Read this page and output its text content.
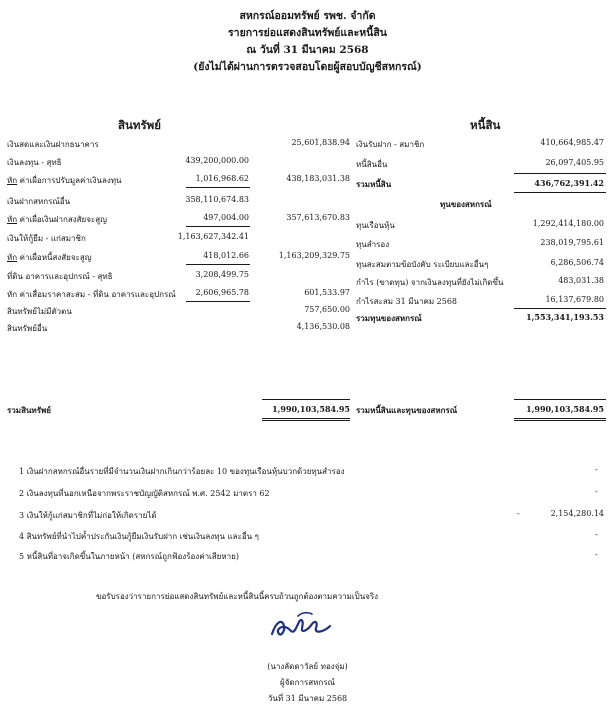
สหกรณ์ออมทรัพย์ รพช. จำกัด
รายการย่อแสดงสินทรัพย์และหนี้สิน
ณ วันที่ 31 มีนาคม 2568
(ยังไม่ได้ผ่านการตรวจสอบโดยผู้สอบบัญชีสหกรณ์)
สินทรัพย์	หนี้สิน
เงินสดและเงินฝากธนาคาร	25,601,838.94
เงินลงทุน - สุทธิ	439,200,000.00
หัก ค่าเผื่อการปรับมูลค่าเงินลงทุน	1,016,968.62	438,183,031.38
เงินฝากสหกรณ์อื่น	358,110,674.83
หัก ค่าเผื่อเงินฝากสงสัยจะสูญ	497,004.00	357,613,670.83
เงินให้กู้ยืม - แก่สมาชิก	1,163,627,342.41
หัก ค่าเผื่อหนี้สงสัยจะสูญ	418,012.66	1,163,209,329.75
ที่ดิน อาคารและอุปกรณ์ - สุทธิ	3,208,499.75
หัก ค่าเสื่อมราคาสะสม - ที่ดิน อาคารและอุปกรณ์ 2,606,965.78	601,533.97
สินทรัพย์ไม่มีตัวตน	757,650.00
สินทรัพย์อื่น	4,136,530.08
เงินรับฝาก - สมาชิก	410,664,985.47
หนี้สินอื่น	26,097,405.95
รวมหนี้สิน	436,762,391.42
ทุนของสหกรณ์
ทุนเรือนหุ้น	1,292,414,180.00
ทุนสำรอง	238,019,795.61
ทุนสะสมตามข้อบังคับ ระเบียบและอื่นๆ	6,286,506.74
กำไร (ขาดทุน) จากเงินลงทุนที่ยังไม่เกิดขึ้น	483,031.38
กำไรสะสม 31 มีนาคม 2568	16,137,679.80
รวมทุนของสหกรณ์	1,553,341,193.53
รวมสินทรัพย์	1,990,103,584.95 รวมหนี้สินและทุนของสหกรณ์	1,990,103,584.95
1 เงินฝากสหกรณ์อื่นรายที่มีจำนวนเงินฝากเกินกว่าร้อยละ 10 ของทุนเรือนหุ้นบวกด้วยทุนสำรอง	-
2 เงินลงทุนที่นอกเหนือจากพระราชบัญญัติสหกรณ์ พ.ศ. 2542 มาตรา 62	-
3 เงินให้กู้แก่สมาชิกที่ไม่ก่อให้เกิดรายได้	-	2,154,280.14
4 สินทรัพย์ที่นำไปค้ำประกันเงินกู้ยืมเงินรับฝาก เช่นเงินลงทุน และอื่น ๆ	-
5 หนี้สินที่อาจเกิดขึ้นในภายหน้า (สหกรณ์ถูกฟ้องร้องค่าเสียหาย)	-
ขอรับรองว่ารายการย่อแสดงสินทรัพย์และหนี้สินนี้ครบถ้วนถูกต้องตามความเป็นจริง
(นางลัดดาวัลย์ ทองจุ่ม)
ผู้จัดการสหกรณ์
วันที่ 31 มีนาคม 2568
